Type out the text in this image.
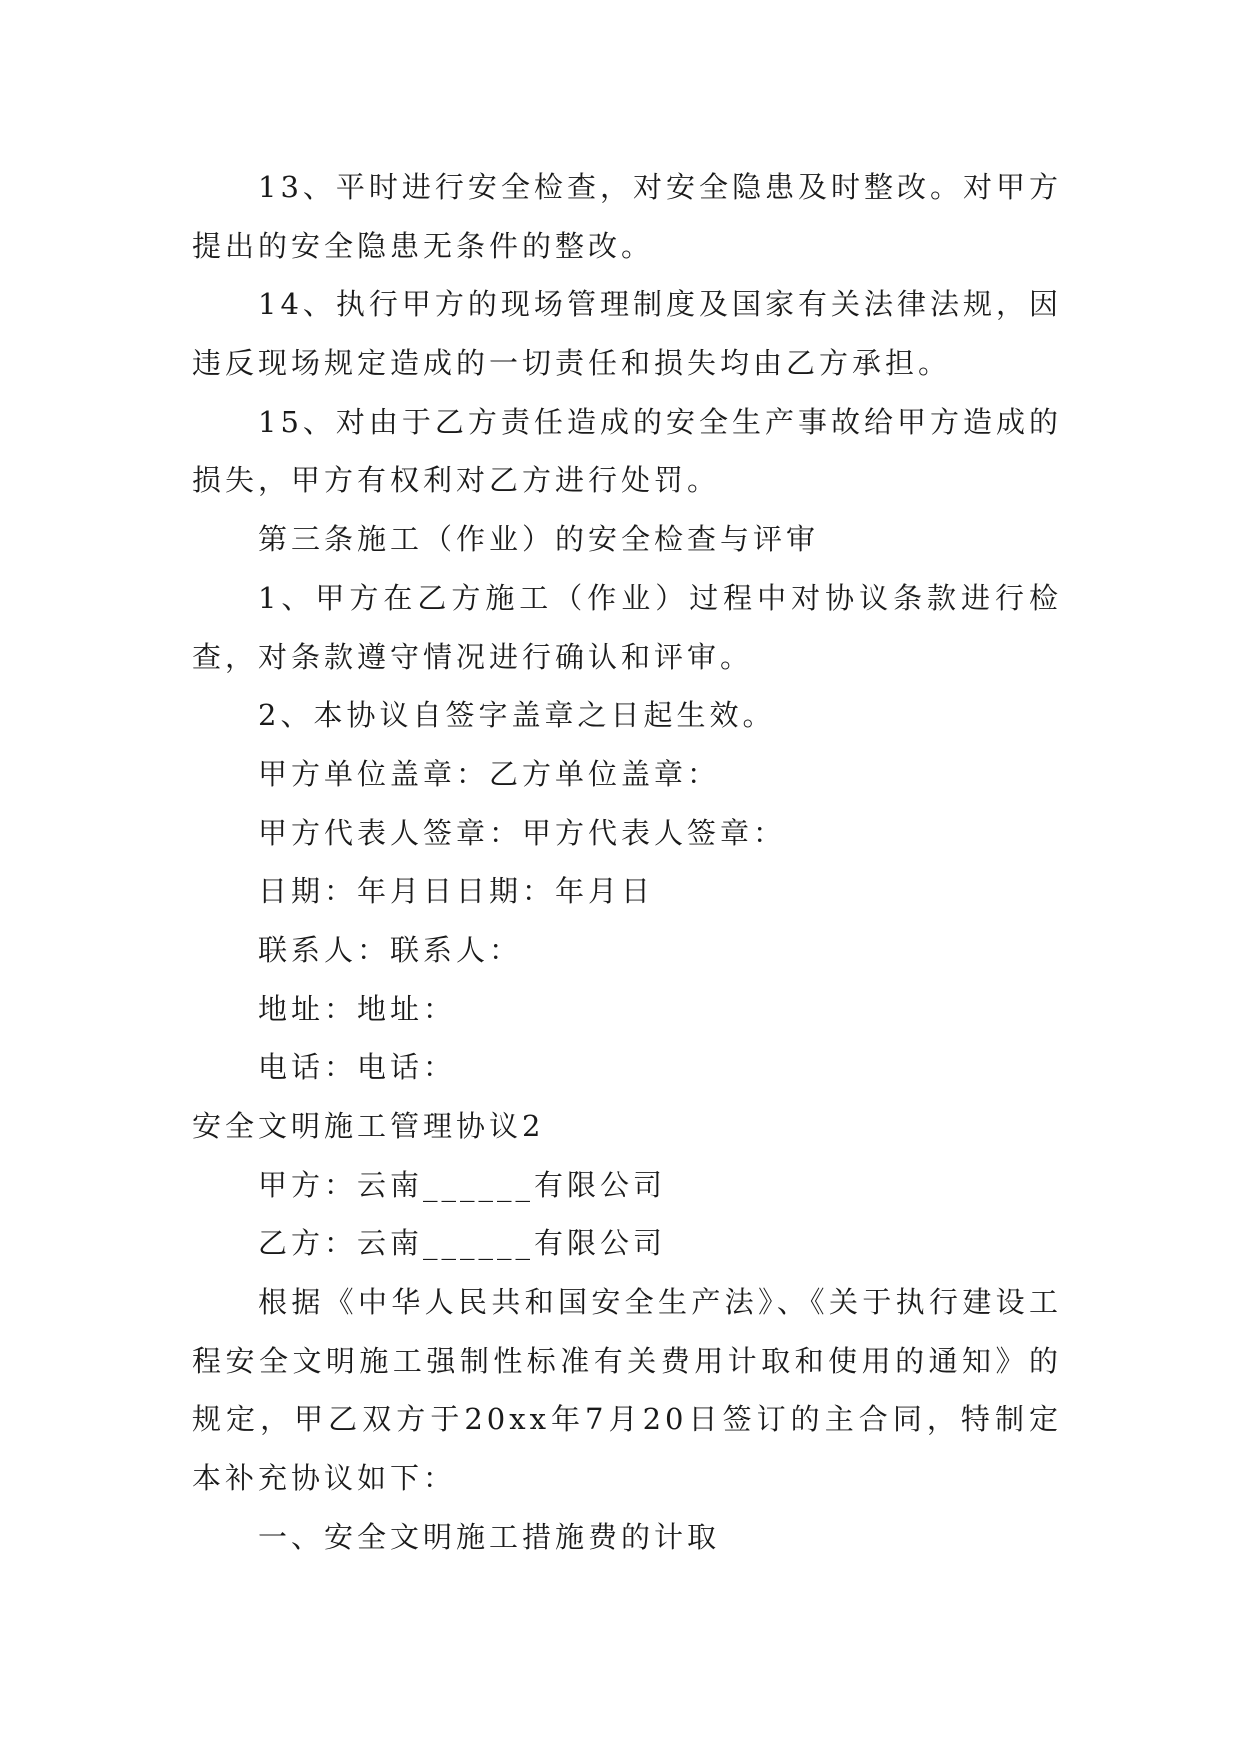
13、平时进行安全检查，对安全隐患及时整改。对甲方
提出的安全隐患无条件的整改。
14、执行甲方的现场管理制度及国家有关法律法规，因
违反现场规定造成的一切责任和损失均由乙方承担。
15、对由于乙方责任造成的安全生产事故给甲方造成的
损失，甲方有权利对乙方进行处罚。
第三条施工（作业）的安全检查与评审
1、甲方在乙方施工（作业）过程中对协议条款进行检
查，对条款遵守情况进行确认和评审。
2、本协议自签字盖章之日起生效。
甲方单位盖章：乙方单位盖章：
甲方代表人签章：甲方代表人签章：
日期：年月日日期：年月日
联系人：联系人：
地址：地址：
电话：电话：
安全文明施工管理协议2
甲方：云南______有限公司
乙方：云南______有限公司
根据《中华人民共和国安全生产法》、《关于执行建设工
程安全文明施工强制性标准有关费用计取和使用的通知》的
规定，甲乙双方于20xx年7月20日签订的主合同，特制定
本补充协议如下：
一、安全文明施工措施费的计取
